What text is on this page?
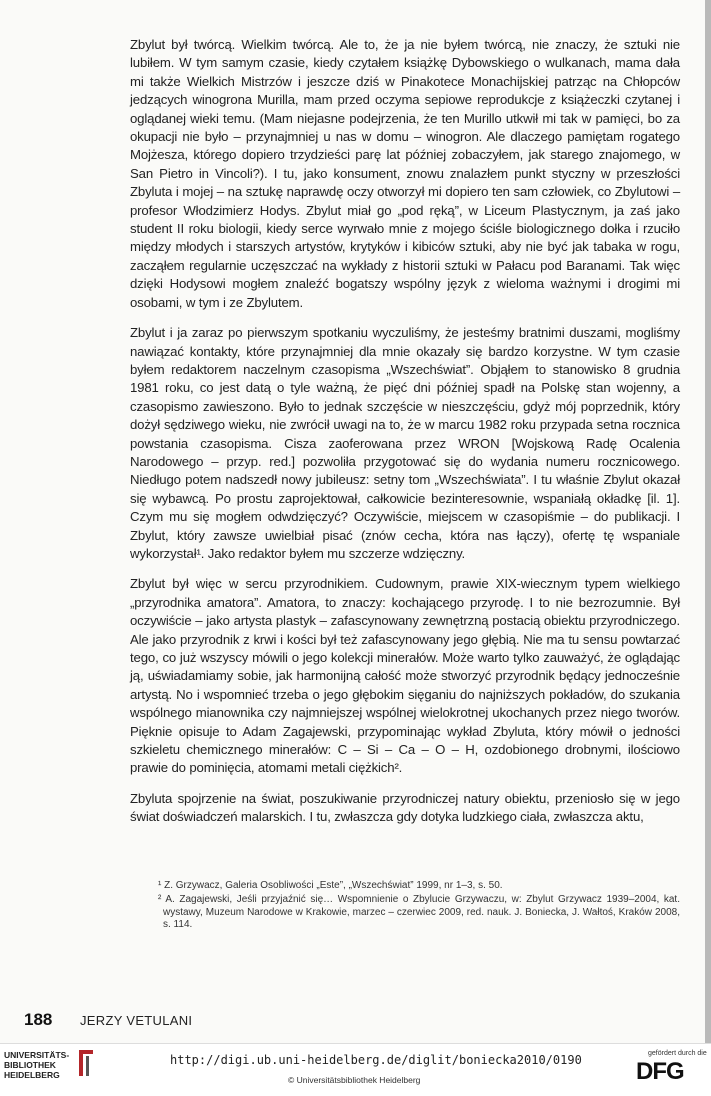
Zbylut był twórcą. Wielkim twórcą. Ale to, że ja nie byłem twórcą, nie znaczy, że sztuki nie lubiłem. W tym samym czasie, kiedy czytałem książkę Dybowskiego o wulkanach, mama dała mi także Wielkich Mistrzów i jeszcze dziś w Pinakotece Monachijskiej patrząc na Chłopców jedzących winogrona Murilla, mam przed oczyma sepiowe reprodukcje z książeczki czytanej i oglądanej wieki temu. (Mam niejasne podejrzenia, że ten Murillo utkwił mi tak w pamięci, bo za okupacji nie było – przynajmniej u nas w domu – winogron. Ale dlaczego pamiętam rogatego Mojżesza, którego dopiero trzydzieści parę lat później zobaczyłem, jak starego znajomego, w San Pietro in Vincoli?). I tu, jako konsument, znowu znalazłem punkt styczny w przeszłości Zbyluta i mojej – na sztukę naprawdę oczy otworzył mi dopiero ten sam człowiek, co Zbylutowi – profesor Włodzimierz Hodys. Zbylut miał go „pod ręką”, w Liceum Plastycznym, ja zaś jako student II roku biologii, kiedy serce wyrwało mnie z mojego ściśle biologicznego dołka i rzuciło między młodych i starszych artystów, krytyków i kibiców sztuki, aby nie być jak tabaka w rogu, zacząłem regularnie uczęszczać na wykłady z historii sztuki w Pałacu pod Baranami. Tak więc dzięki Hodysowi mogłem znaleźć bogatszy wspólny język z wieloma ważnymi i drogimi mi osobami, w tym i ze Zbylutem.

Zbylut i ja zaraz po pierwszym spotkaniu wyczuliśmy, że jesteśmy bratnimi duszami, mogliśmy nawiązać kontakty, które przynajmniej dla mnie okazały się bardzo korzystne. W tym czasie byłem redaktorem naczelnym czasopisma „Wszechświat”. Objąłem to stanowisko 8 grudnia 1981 roku, co jest datą o tyle ważną, że pięć dni później spadł na Polskę stan wojenny, a czasopismo zawieszono. Było to jednak szczęście w nieszczęściu, gdyż mój poprzednik, który dożył sędziwego wieku, nie zwrócił uwagi na to, że w marcu 1982 roku przypada setna rocznica powstania czasopisma. Cisza zaoferowana przez WRON [Wojskową Radę Ocalenia Narodowego – przyp. red.] pozwoliła przygotować się do wydania numeru rocznicowego. Niedługo potem nadszedł nowy jubileusz: setny tom „Wszechświata”. I tu właśnie Zbylut okazał się wybawcą. Po prostu zaprojektował, całkowicie bezinteresownie, wspaniałą okładkę [il. 1]. Czym mu się mogłem odwdzięczyć? Oczywiście, miejscem w czasopiśmie – do publikacji. I Zbylut, który zawsze uwielbiał pisać (znów cecha, która nas łączy), ofertę tę wspaniale wykorzystał¹. Jako redaktor byłem mu szczerze wdzięczny.

Zbylut był więc w sercu przyrodnikiem. Cudownym, prawie XIX-wiecznym typem wielkiego „przyrodnika amatora”. Amatora, to znaczy: kochającego przyrodę. I to nie bezrozumnie. Był oczywiście – jako artysta plastyk – zafascynowany zewnętrzną postacią obiektu przyrodniczego. Ale jako przyrodnik z krwi i kości był też zafascynowany jego głębią. Nie ma tu sensu powtarzać tego, co już wszyscy mówili o jego kolekcji minerałów. Może warto tylko zauważyć, że oglądając ją, uświadamiamy sobie, jak harmonijną całość może stworzyć przyrodnik będący jednocześnie artystą. No i wspomnieć trzeba o jego głębokim sięganiu do najniższych pokładów, do szukania wspólnego mianownika czy najmniejszej wspólnej wielokrotnej ukochanych przez niego tworów. Pięknie opisuje to Adam Zagajewski, przypominając wykład Zbyluta, który mówił o jedności szkieletu chemicznego minerałów: C – Si – Ca – O – H, ozdobionego drobnymi, ilościowo prawie do pominięcia, atomami metali ciężkich².

Zbyluta spojrzenie na świat, poszukiwanie przyrodniczej natury obiektu, przeniosło się w jego świat doświadczeń malarskich. I tu, zwłaszcza gdy dotyka ludzkiego ciała, zwłaszcza aktu,

¹ Z. Grzywacz, Galeria Osobliwości „Este”, „Wszechświat” 1999, nr 1–3, s. 50.

² A. Zagajewski, Jeśli przyjaźnić się… Wspomnienie o Zbylucie Grzywaczu, w: Zbylut Grzywacz 1939–2004, kat. wystawy, Muzeum Narodowe w Krakowie, marzec – czerwiec 2009, red. nauk. J. Boniecka, J. Wałtoś, Kraków 2008, s. 114.

188 JERZY VETULANI
UNIVERSITÄTS-
BIBLIOTHEK
HEIDELBERG
http://digi.ub.uni-heidelberg.de/diglit/boniecka2010/0190
© Universitätsbibliothek Heidelberg
gefördert durch die
DFG
